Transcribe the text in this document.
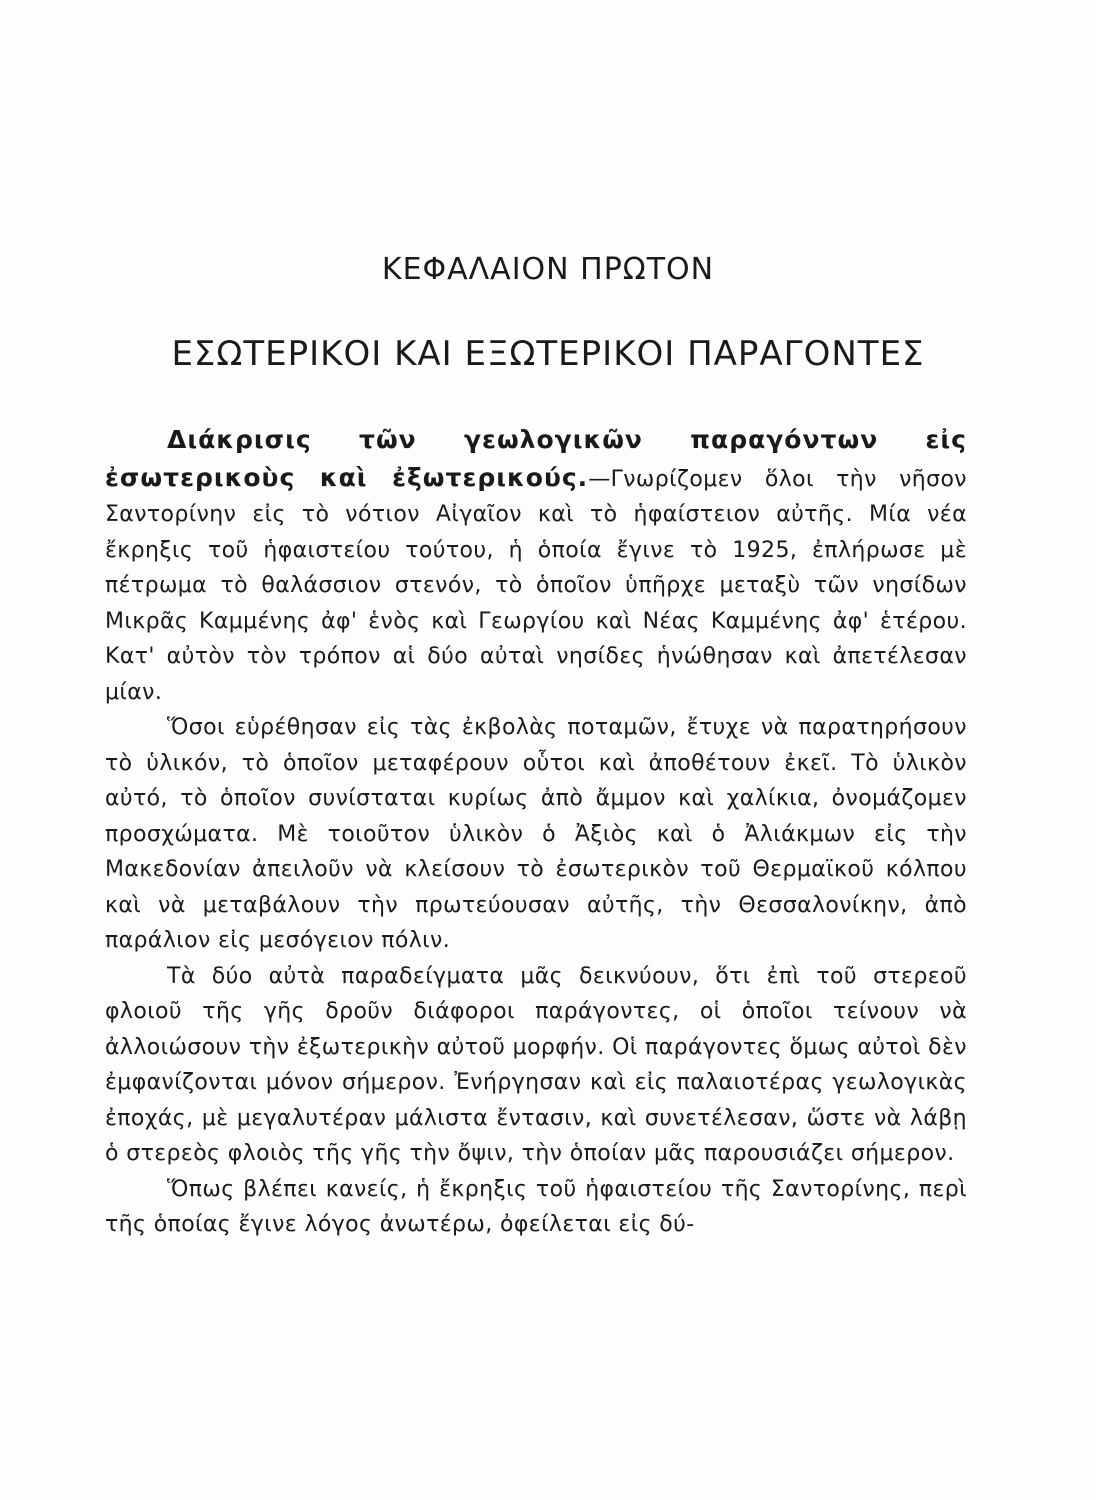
ΚΕΦΑΛΑΙΟΝ ΠΡΩΤΟΝ
ΕΣΩΤΕΡΙΚΟΙ ΚΑΙ ΕΞΩΤΕΡΙΚΟΙ ΠΑΡΑΓΟΝΤΕΣ

Διάκρισις τῶν γεωλογικῶν παραγόντων εἰς ἐσωτερικοὺς καὶ ἐξωτερικούς.—Γνωρίζομεν ὅλοι τὴν νῆσον Σαντορίνην εἰς τὸ νότιον Αἰγαῖον καὶ τὸ ἡφαίστειον αὐτῆς. Μία νέα ἔκρηξις τοῦ ἡφαιστείου τούτου, ἡ ὁποία ἔγινε τὸ 1925, ἐπλήρωσε μὲ πέτρωμα τὸ θαλάσσιον στενόν, τὸ ὁποῖον ὑπῆρχε μεταξὺ τῶν νησίδων Μικρᾶς Καμμένης ἀφ' ἑνὸς καὶ Γεωργίου καὶ Νέας Καμμένης ἀφ' ἑτέρου. Κατ' αὐτὸν τὸν τρόπον αἱ δύο αὐταὶ νησίδες ἡνώθησαν καὶ ἀπετέλεσαν μίαν.

Ὅσοι εὑρέθησαν εἰς τὰς ἐκβολὰς ποταμῶν, ἔτυχε νὰ παρατηρήσουν τὸ ὑλικόν, τὸ ὁποῖον μεταφέρουν οὗτοι καὶ ἀποθέτουν ἐκεῖ. Τὸ ὑλικὸν αὐτό, τὸ ὁποῖον συνίσταται κυρίως ἀπὸ ἄμμον καὶ χαλίκια, ὀνομάζομεν προσχώματα. Μὲ τοιοῦτον ὑλικὸν ὁ Ἀξιὸς καὶ ὁ Ἀλιάκμων εἰς τὴν Μακεδονίαν ἀπειλοῦν νὰ κλείσουν τὸ ἐσωτερικὸν τοῦ Θερμαϊκοῦ κόλπου καὶ νὰ μεταβάλουν τὴν πρωτεύουσαν αὐτῆς, τὴν Θεσσαλονίκην, ἀπὸ παράλιον εἰς μεσόγειον πόλιν.

Τὰ δύο αὐτὰ παραδείγματα μᾶς δεικνύουν, ὅτι ἐπὶ τοῦ στερεοῦ φλοιοῦ τῆς γῆς δροῦν διάφοροι παράγοντες, οἱ ὁποῖοι τείνουν νὰ ἀλλοιώσουν τὴν ἐξωτερικὴν αὐτοῦ μορφήν. Οἱ παράγοντες ὅμως αὐτοὶ δὲν ἐμφανίζονται μόνον σήμερον. Ἐνήργησαν καὶ εἰς παλαιοτέρας γεωλογικὰς ἐποχάς, μὲ μεγαλυτέραν μάλιστα ἔντασιν, καὶ συνετέλεσαν, ὥστε νὰ λάβῃ ὁ στερεὸς φλοιὸς τῆς γῆς τὴν ὄψιν, τὴν ὁποίαν μᾶς παρουσιάζει σήμερον.

Ὅπως βλέπει κανείς, ἡ ἔκρηξις τοῦ ἡφαιστείου τῆς Σαντορίνης, περὶ τῆς ὁποίας ἔγινε λόγος ἀνωτέρω, ὀφείλεται εἰς δύ-
